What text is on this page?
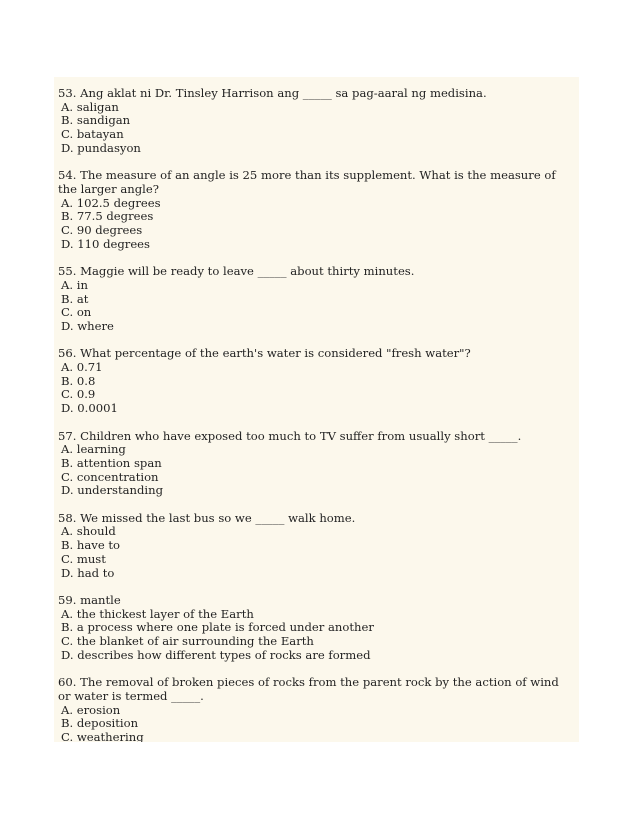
53. Ang aklat ni Dr. Tinsley Harrison ang _____ sa pag-aaral ng medisina.
A. saligan
B. sandigan
C. batayan
D. pundasyon
54. The measure of an angle is 25 more than its supplement. What is the measure of the larger angle?
A. 102.5 degrees
B. 77.5 degrees
C. 90 degrees
D. 110 degrees
55. Maggie will be ready to leave _____ about thirty minutes.
A. in
B. at
C. on
D. where
56. What percentage of the earth's water is considered "fresh water"?
A. 0.71
B. 0.8
C. 0.9
D. 0.0001
57. Children who have exposed too much to TV suffer from usually short _____.
A. learning
B. attention span
C. concentration
D. understanding
58. We missed the last bus so we _____ walk home.
A. should
B. have to
C. must
D. had to
59. mantle
A. the thickest layer of the Earth
B. a process where one plate is forced under another
C. the blanket of air surrounding the Earth
D. describes how different types of rocks are formed
60. The removal of broken pieces of rocks from the parent rock by the action of wind or water is termed _____.
A. erosion
B. deposition
C. weathering
